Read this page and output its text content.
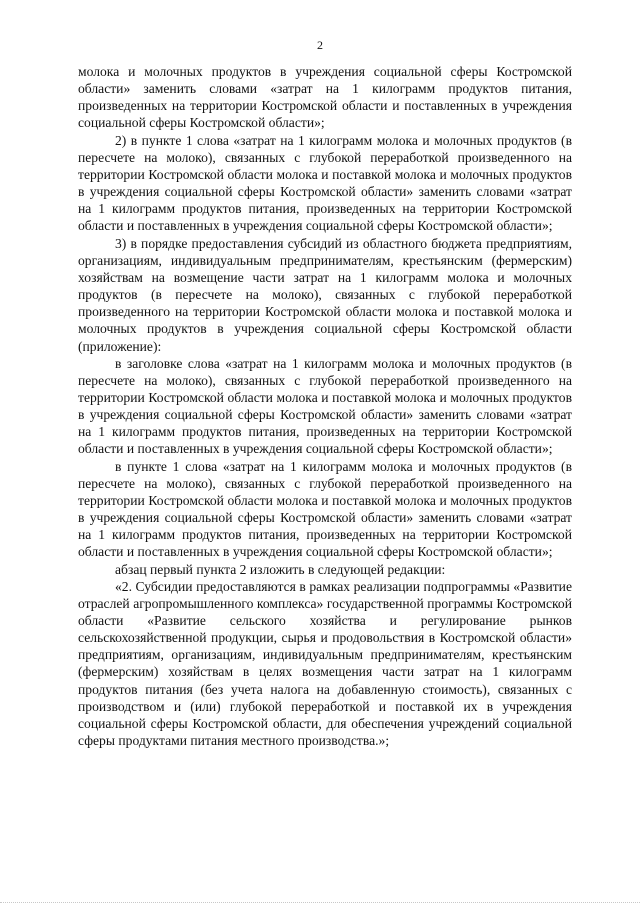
2

молока и молочных продуктов в учреждения социальной сферы Костромской области» заменить словами «затрат на 1 килограмм продуктов питания, произведенных на территории Костромской области и поставленных в учреждения социальной сферы Костромской области»;

2) в пункте 1 слова «затрат на 1 килограмм молока и молочных продуктов (в пересчете на молоко), связанных с глубокой переработкой произведенного на территории Костромской области молока и поставкой молока и молочных продуктов в учреждения социальной сферы Костромской области» заменить словами «затрат на 1 килограмм продуктов питания, произведенных на территории Костромской области и поставленных в учреждения социальной сферы Костромской области»;

3) в порядке предоставления субсидий из областного бюджета предприятиям, организациям, индивидуальным предпринимателям, крестьянским (фермерским) хозяйствам на возмещение части затрат на 1 килограмм молока и молочных продуктов (в пересчете на молоко), связанных с глубокой переработкой произведенного на территории Костромской области молока и поставкой молока и молочных продуктов в учреждения социальной сферы Костромской области (приложение):

в заголовке слова «затрат на 1 килограмм молока и молочных продуктов (в пересчете на молоко), связанных с глубокой переработкой произведенного на территории Костромской области молока и поставкой молока и молочных продуктов в учреждения социальной сферы Костромской области» заменить словами «затрат на 1 килограмм продуктов питания, произведенных на территории Костромской области и поставленных в учреждения социальной сферы Костромской области»;

в пункте 1 слова «затрат на 1 килограмм молока и молочных продуктов (в пересчете на молоко), связанных с глубокой переработкой произведенного на территории Костромской области молока и поставкой молока и молочных продуктов в учреждения социальной сферы Костромской области» заменить словами «затрат на 1 килограмм продуктов питания, произведенных на территории Костромской области и поставленных в учреждения социальной сферы Костромской области»;

абзац первый пункта 2 изложить в следующей редакции:

«2. Субсидии предоставляются в рамках реализации подпрограммы «Развитие отраслей агропромышленного комплекса» государственной программы Костромской области «Развитие сельского хозяйства и регулирование рынков сельскохозяйственной продукции, сырья и продовольствия в Костромской области» предприятиям, организациям, индивидуальным предпринимателям, крестьянским (фермерским) хозяйствам в целях возмещения части затрат на 1 килограмм продуктов питания (без учета налога на добавленную стоимость), связанных с производством и (или) глубокой переработкой и поставкой их в учреждения социальной сферы Костромской области, для обеспечения учреждений социальной сферы продуктами питания местного производства.»;
